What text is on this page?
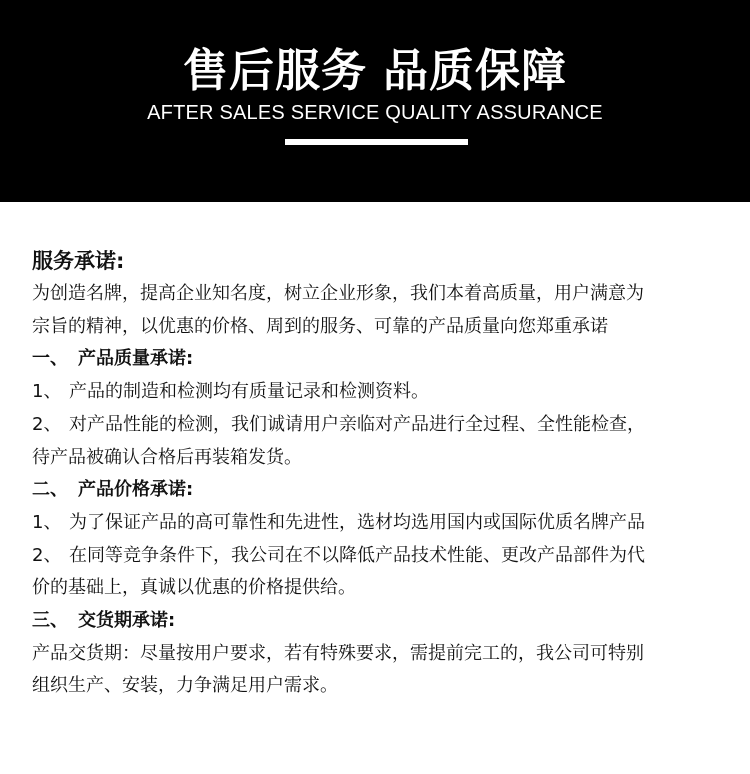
售后服务 品质保障
AFTER SALES SERVICE QUALITY ASSURANCE
服务承诺:
为创造名牌，提高企业知名度，树立企业形象，我们本着高质量，用户满意为
宗旨的精神，以优惠的价格、周到的服务、可靠的产品质量向您郑重承诺
一、 产品质量承诺:
1、 产品的制造和检测均有质量记录和检测资料。
2、 对产品性能的检测，我们诚请用户亲临对产品进行全过程、全性能检查，
待产品被确认合格后再装箱发货。
二、 产品价格承诺:
1、 为了保证产品的高可靠性和先进性，选材均选用国内或国际优质名牌产品
2、 在同等竞争条件下，我公司在不以降低产品技术性能、更改产品部件为代
价的基础上，真诚以优惠的价格提供给。
三、 交货期承诺:
产品交货期：尽量按用户要求，若有特殊要求，需提前完工的，我公司可特别
组织生产、安装，力争满足用户需求。
